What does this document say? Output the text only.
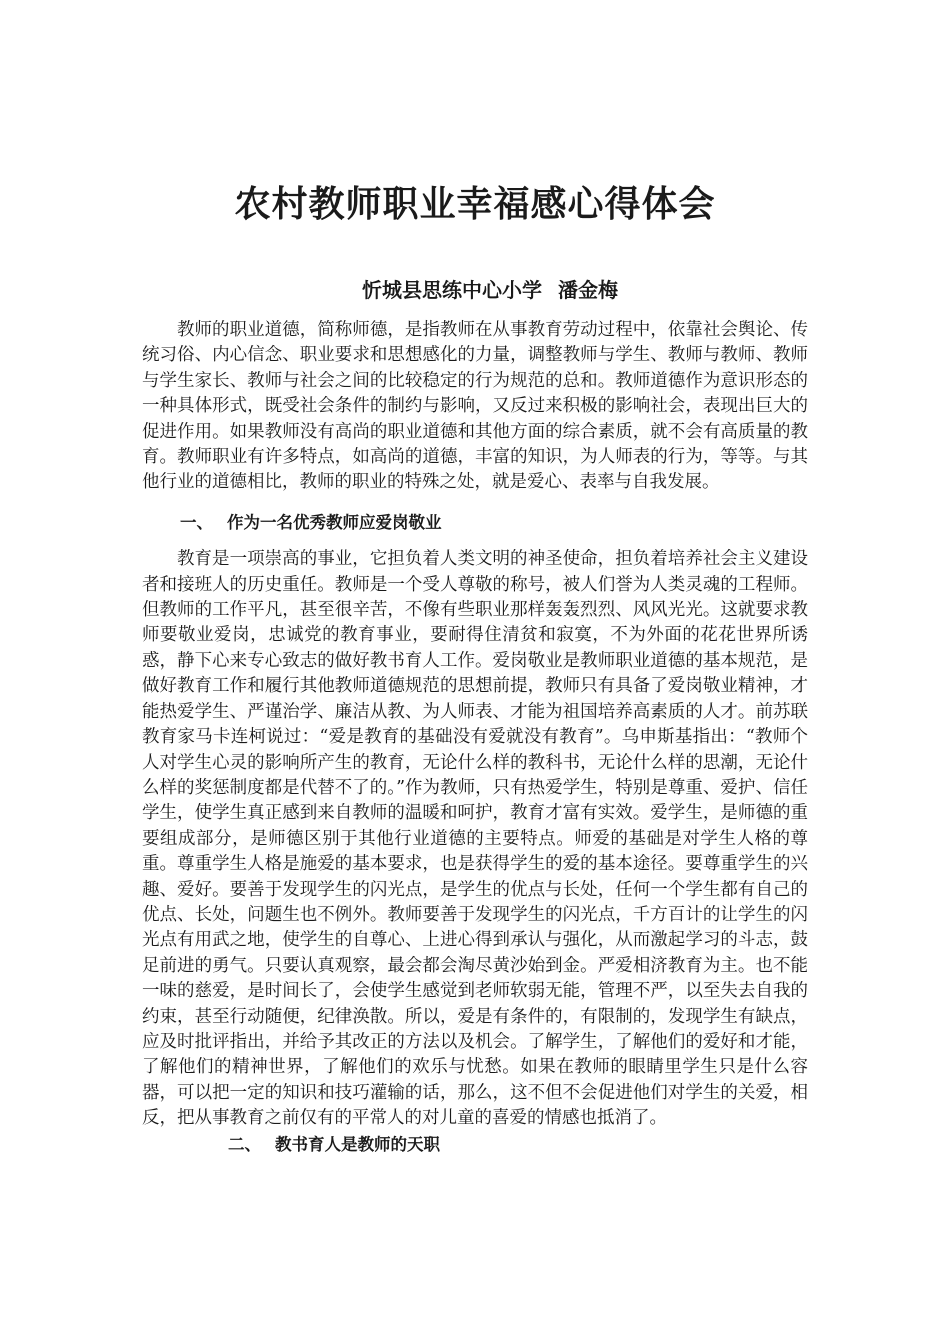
农村教师职业幸福感心得体会
忻城县思练中心小学 潘金梅

教师的职业道德，简称师德，是指教师在从事教育劳动过程中，依靠社会舆论、传统习俗、内心信念、职业要求和思想感化的力量，调整教师与学生、教师与教师、教师与学生家长、教师与社会之间的比较稳定的行为规范的总和。教师道德作为意识形态的一种具体形式，既受社会条件的制约与影响，又反过来积极的影响社会，表现出巨大的促进作用。如果教师没有高尚的职业道德和其他方面的综合素质，就不会有高质量的教育。教师职业有许多特点，如高尚的道德，丰富的知识，为人师表的行为，等等。与其他行业的道德相比，教师的职业的特殊之处，就是爱心、表率与自我发展。

一、 作为一名优秀教师应爱岗敬业

教育是一项崇高的事业，它担负着人类文明的神圣使命，担负着培养社会主义建设者和接班人的历史重任。教师是一个受人尊敬的称号，被人们誉为人类灵魂的工程师。但教师的工作平凡，甚至很辛苦，不像有些职业那样轰轰烈烈、风风光光。这就要求教师要敬业爱岗，忠诚党的教育事业，要耐得住清贫和寂寞，不为外面的花花世界所诱惑，静下心来专心致志的做好教书育人工作。爱岗敬业是教师职业道德的基本规范，是做好教育工作和履行其他教师道德规范的思想前提，教师只有具备了爱岗敬业精神，才能热爱学生、严谨治学、廉洁从教、为人师表、才能为祖国培养高素质的人才。前苏联教育家马卡连柯说过：“爱是教育的基础没有爱就没有教育”。乌申斯基指出：“教师个人对学生心灵的影响所产生的教育，无论什么样的教科书，无论什么样的思潮，无论什么样的奖惩制度都是代替不了的。”作为教师，只有热爱学生，特别是尊重、爱护、信任学生，使学生真正感到来自教师的温暖和呵护，教育才富有实效。爱学生，是师德的重要组成部分，是师德区别于其他行业道德的主要特点。师爱的基础是对学生人格的尊重。尊重学生人格是施爱的基本要求，也是获得学生的爱的基本途径。要尊重学生的兴趣、爱好。要善于发现学生的闪光点，是学生的优点与长处，任何一个学生都有自己的优点、长处，问题生也不例外。教师要善于发现学生的闪光点，千方百计的让学生的闪光点有用武之地，使学生的自尊心、上进心得到承认与强化，从而激起学习的斗志，鼓足前进的勇气。只要认真观察，最会都会淘尽黄沙始到金。严爱相济教育为主。也不能一味的慈爱，是时间长了，会使学生感觉到老师软弱无能，管理不严，以至失去自我的约束，甚至行动随便，纪律涣散。所以，爱是有条件的，有限制的，发现学生有缺点，应及时批评指出，并给予其改正的方法以及机会。了解学生，了解他们的爱好和才能，了解他们的精神世界，了解他们的欢乐与忧愁。如果在教师的眼睛里学生只是什么容器，可以把一定的知识和技巧灌输的话，那么，这不但不会促进他们对学生的关爱，相反，把从事教育之前仅有的平常人的对儿童的喜爱的情感也抵消了。

二、 教书育人是教师的天职
